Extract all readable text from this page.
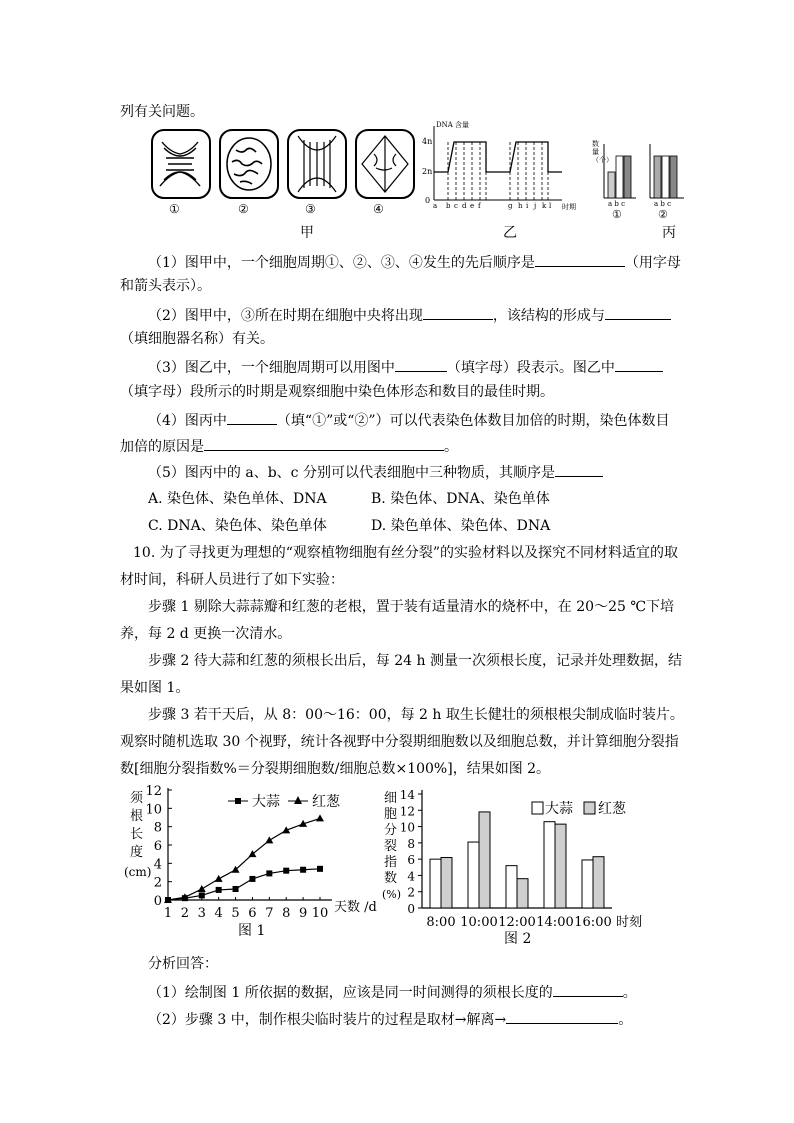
列有关问题。
①	②	③	④
甲
DNA 含量
4n
2n
0
a b c d e f	g h i j k l 时期
乙
数量（个）
a b c
①
a b c
②
丙
（1）图甲中，一个细胞周期①、②、③、④发生的先后顺序是	（用字母
和箭头表示）。
（2）图甲中，③所在时期在细胞中央将出现	，该结构的形成与
（填细胞器名称）有关。
（3）图乙中，一个细胞周期可以用图中	（填字母）段表示。图乙中
（填字母）段所示的时期是观察细胞中染色体形态和数目的最佳时期。
（4）图丙中	（填“①”或“②”）可以代表染色体数目加倍的时期，染色体数目
加倍的原因是	。
（5）图丙中的 a、b、c 分别可以代表细胞中三种物质，其顺序是
A. 染色体、染色单体、DNA	B. 染色体、DNA、染色单体
C. DNA、染色体、染色单体	D. 染色单体、染色体、DNA
10. 为了寻找更为理想的“观察植物细胞有丝分裂”的实验材料以及探究不同材料适宜的取
材时间，科研人员进行了如下实验：
步骤 1 剔除大蒜蒜瓣和红葱的老根，置于装有适量清水的烧杯中，在 20～25 ℃下培
养，每 2 d 更换一次清水。
步骤 2 待大蒜和红葱的须根长出后，每 24 h 测量一次须根长度，记录并处理数据，结
果如图 1。
步骤 3 若干天后，从 8：00～16：00，每 2 h 取生长健壮的须根根尖制成临时装片。
观察时随机选取 30 个视野，统计各视野中分裂期细胞数以及细胞总数，并计算细胞分裂指
数[细胞分裂指数%＝分裂期细胞数/细胞总数×100%]，结果如图 2。
须
根
长
度
(cm)
0
2
4
6
8
10
12
1 2 3 4 5 6 7 8 9 10
大蒜 红葱
天数 /d
图 1
细
胞
分
裂
指
数
(%)
0
2
4
6
8
10
12
14
8:00 10:00 12:00 14:00 16:00
大蒜 红葱
时刻
图 2
分析回答：
（1）绘制图 1 所依据的数据，应该是同一时间测得的须根长度的	。
（2）步骤 3 中，制作根尖临时装片的过程是取材→解离→	。
